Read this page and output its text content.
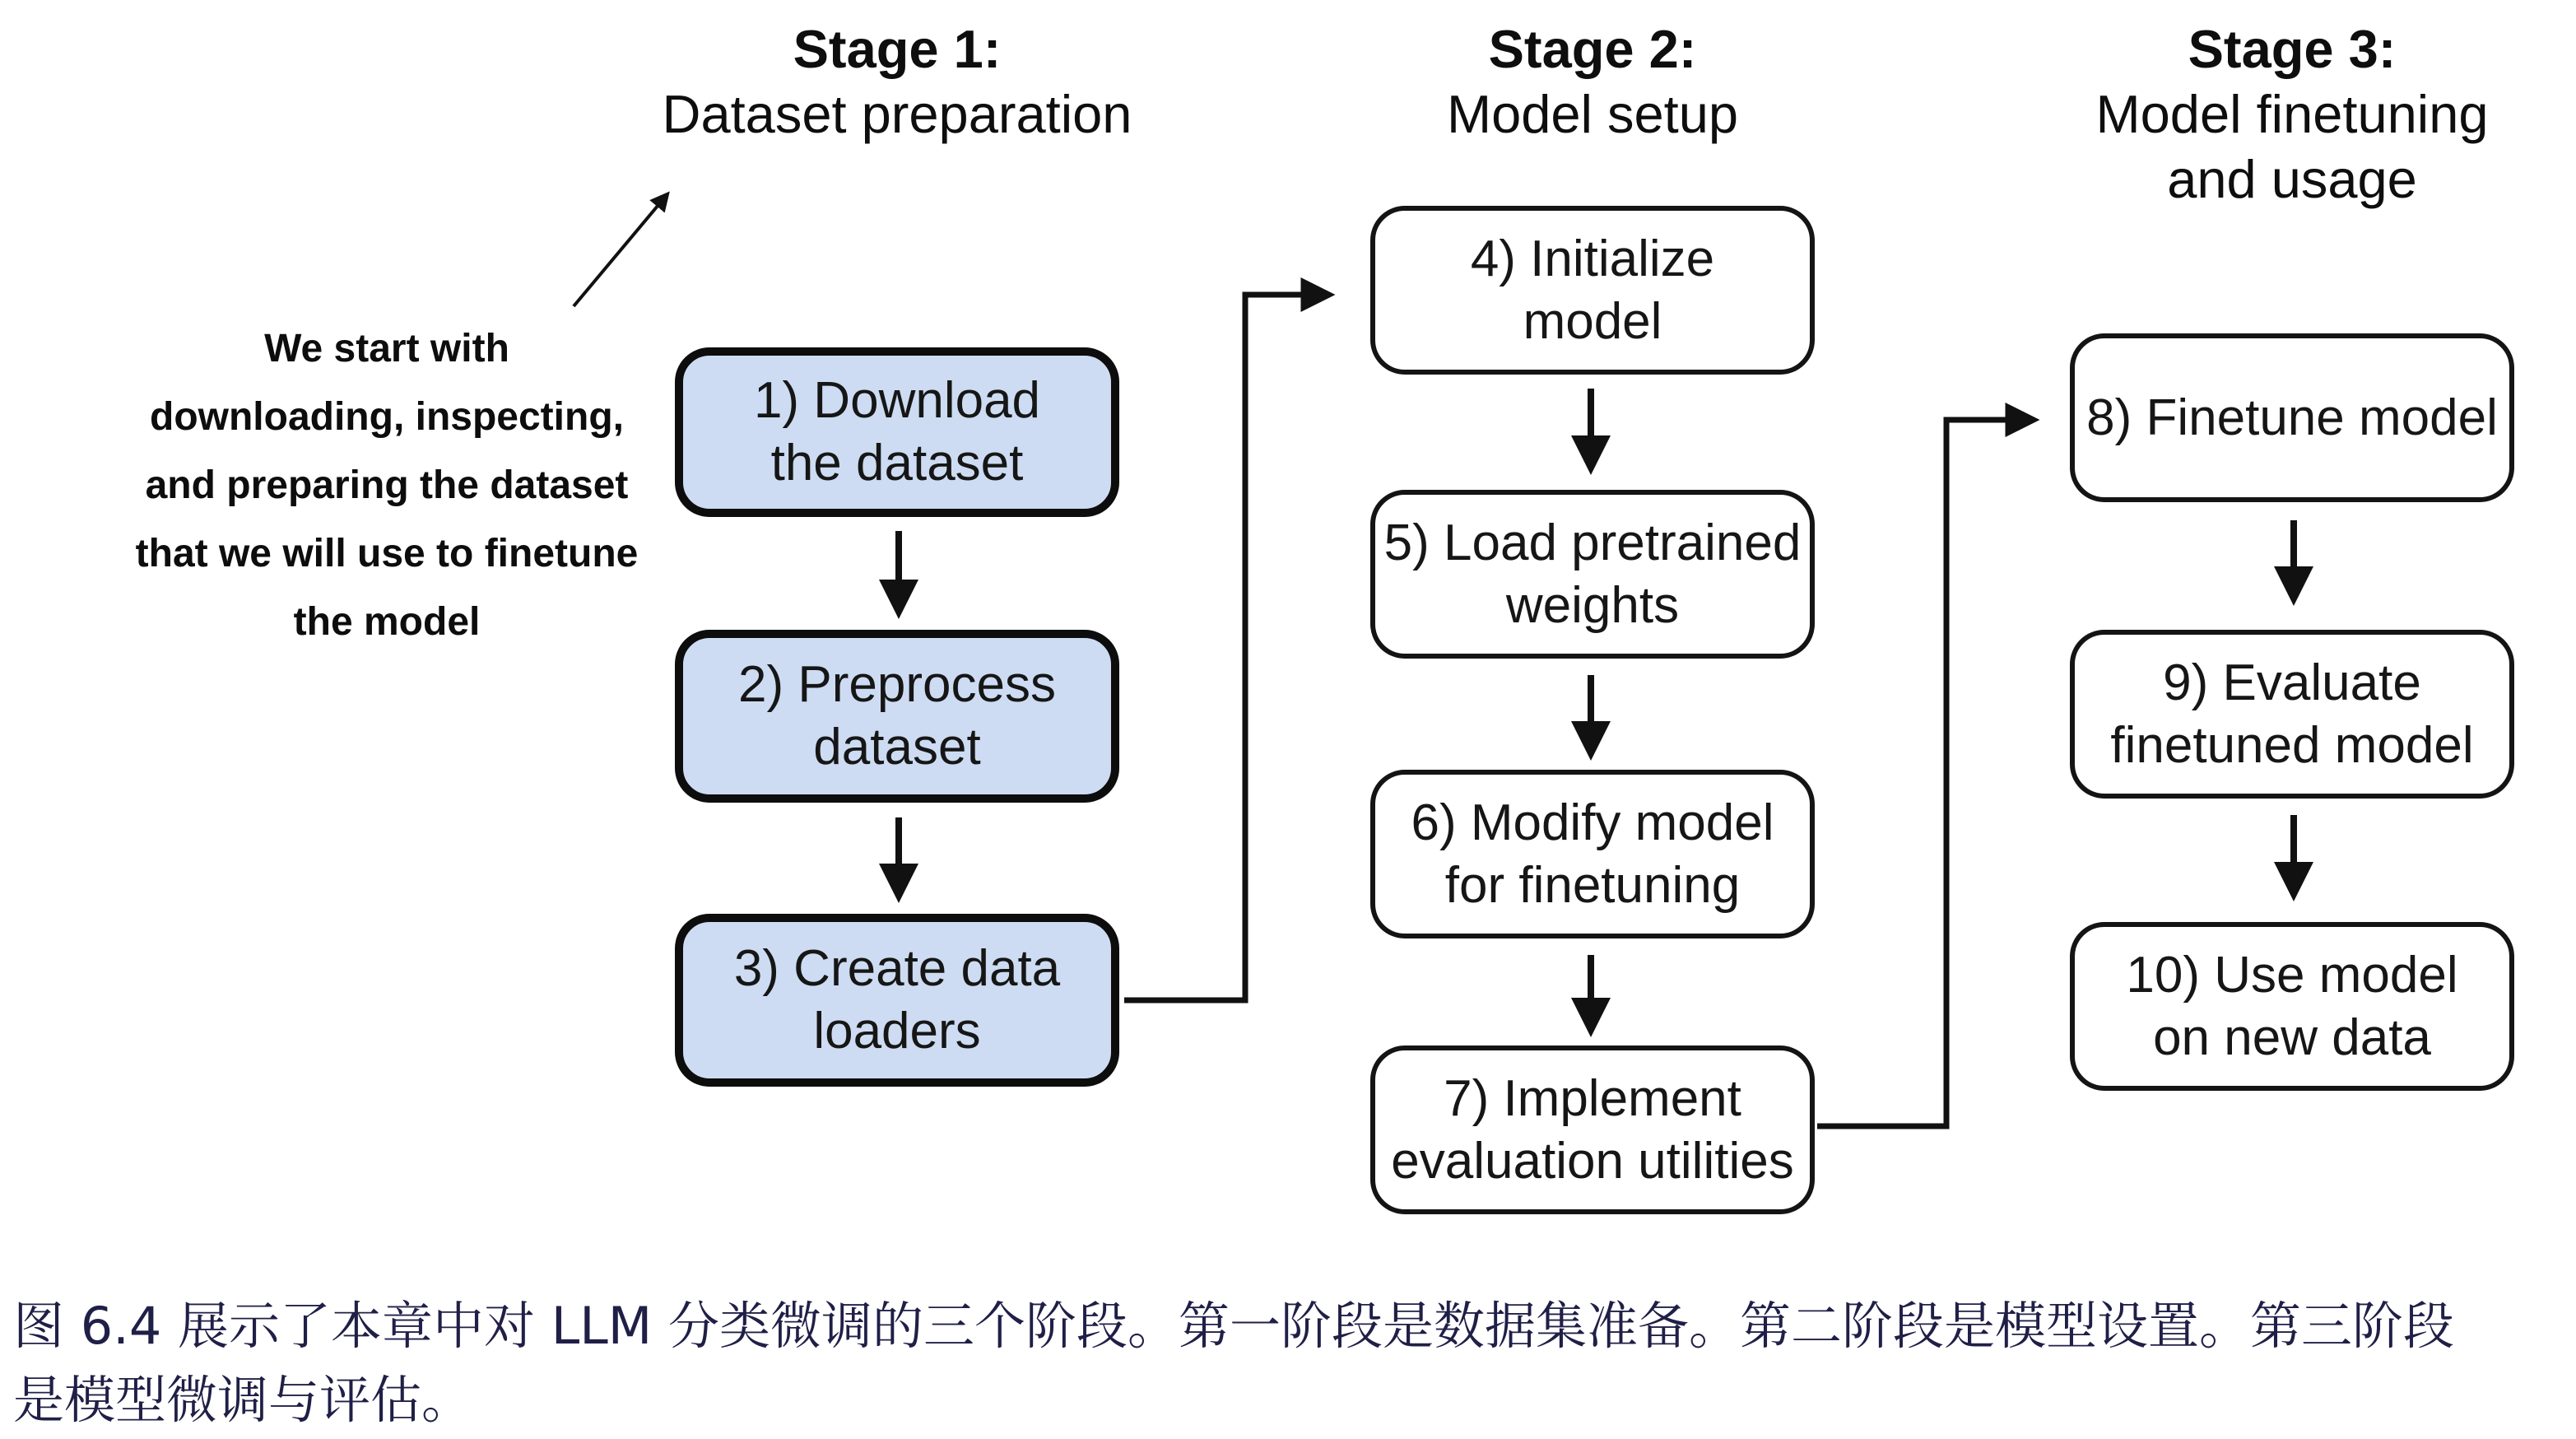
Stage 1:
Dataset preparation
Stage 2:
Model setup
Stage 3:
Model finetuning
and usage
We start with
downloading, inspecting,
and preparing the dataset
that we will use to finetune
the model
1) Download
the dataset
2) Preprocess
dataset
3) Create data
loaders
4) Initialize
model
5) Load pretrained
weights
6) Modify model
for finetuning
7) Implement
evaluation utilities
8) Finetune model
9) Evaluate
finetuned model
10) Use model
on new data
图 6.4 展示了本章中对 LLM 分类微调的三个阶段。第一阶段是数据集准备。第二阶段是模型设置。第三阶段
是模型微调与评估。
